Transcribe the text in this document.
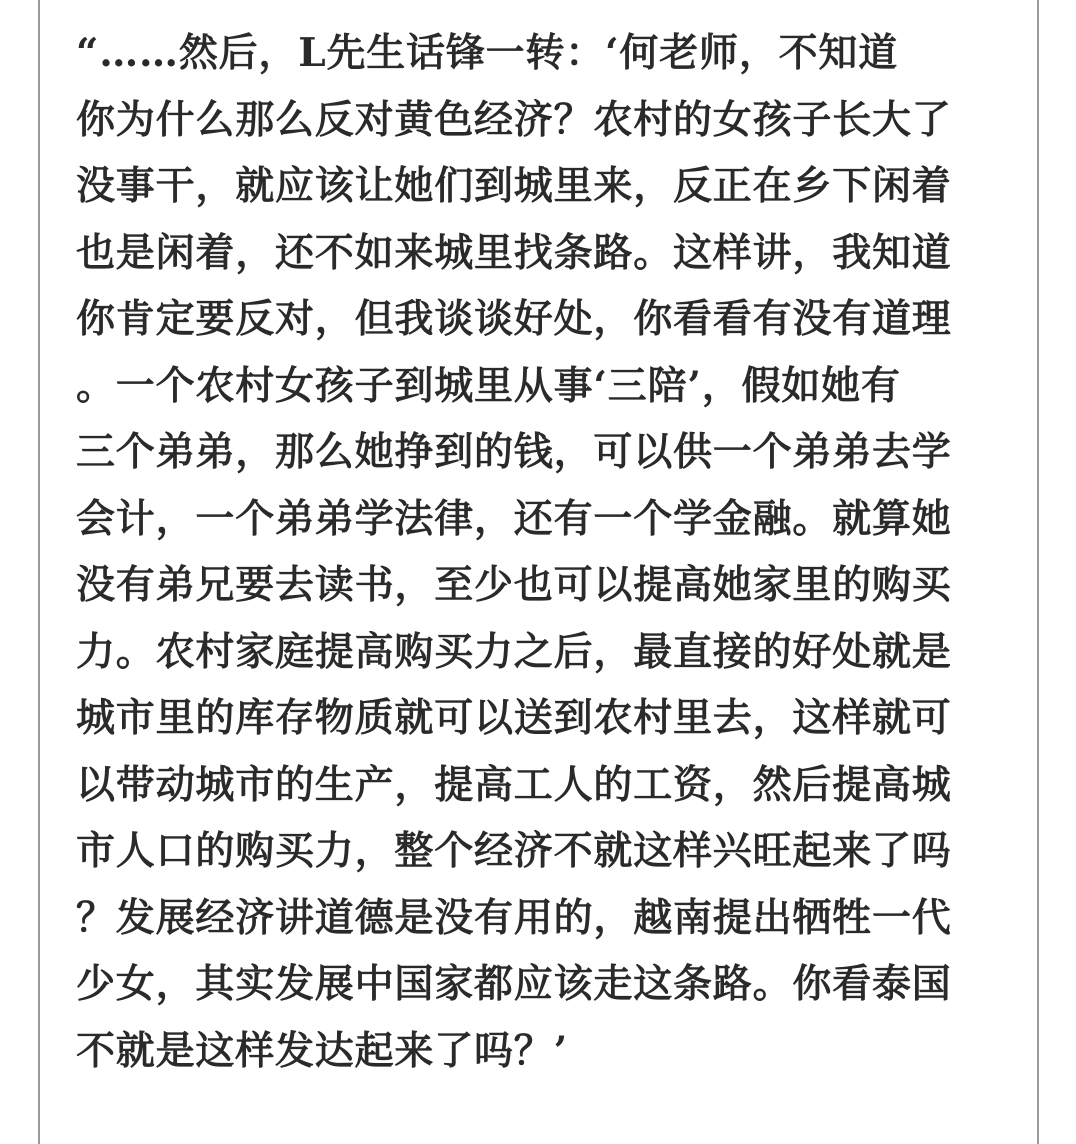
“……然后，L先生话锋一转：‘何老师，不知道
你为什么那么反对黄色经济？农村的女孩子长大了
没事干，就应该让她们到城里来，反正在乡下闲着
也是闲着，还不如来城里找条路。这样讲，我知道
你肯定要反对，但我谈谈好处，你看看有没有道理
。一个农村女孩子到城里从事‘三陪’，假如她有
三个弟弟，那么她挣到的钱，可以供一个弟弟去学
会计，一个弟弟学法律，还有一个学金融。就算她
没有弟兄要去读书，至少也可以提高她家里的购买
力。农村家庭提高购买力之后，最直接的好处就是
城市里的库存物质就可以送到农村里去，这样就可
以带动城市的生产，提高工人的工资，然后提高城
市人口的购买力，整个经济不就这样兴旺起来了吗
？发展经济讲道德是没有用的，越南提出牺牲一代
少女，其实发展中国家都应该走这条路。你看泰国
不就是这样发达起来了吗？’
